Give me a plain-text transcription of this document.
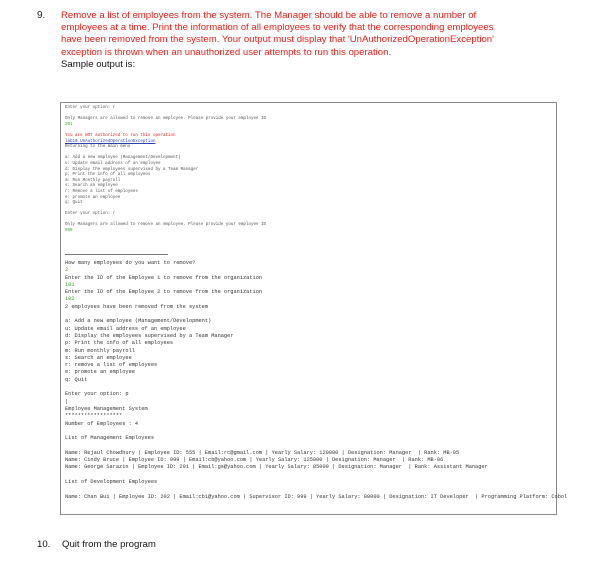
9. Remove a list of employees from the system. The Manager should be able to remove a number of
employees at a time. Print the information of all employees to verify that the corresponding employees
have been removed from the system. Your output must display that 'UnAuthorizedOperationException'
exception is thrown when an unauthorized user attempts to run this operation.
Sample output is:
Enter your option: r
Only Managers are allowed to remove an employee. Please provide your employee ID
201
You are NOT authorized to run this operation
lab10.UnAuthorizedOperationException
Returning to the main menu
a: Add a new employee (Management/Development)
u: Update email address of an employee
d: Display the employees supervised by a Team Manager
p: Print the info of all employees
m: Run Monthly payroll
s: Search an employee
r: Remove a list of employees
e: promote an employee
q: Quit
Enter your option: r
Only Managers are allowed to remove an employee. Please provide your employee ID
999
How many employees do you want to remove?
2
Enter the ID of the Employee 1 to remove from the organization
101
Enter the ID of the Employee 2 to remove from the organization
102
2 employees have been removed from the system
a: Add a new employee (Management/Development)
u: Update email address of an employee
d: Display the employees supervised by a Team Manager
p: Print the info of all employees
m: Run monthly payroll
s: Search an employee
r: remove a list of employees
e: promote an employee
q: Quit
Enter your option: p
|
Employee Management System
******************
Number of Employees : 4
List of Management Employees
Name: Rejaul Chowdhury | Employee ID: 555 | Email:rc@gmail.com | Yearly Salary: 120000 | Designation: Manager  | Rank: MB-05
Name: Cindy Bruce | Employee ID: 999 | Email:cb@yahoo.com | Yearly Salary: 125000 | Designation: Manager  | Rank: MB-06
Name: George Sarazin | Employee ID: 201 | Email:gs@yahoo.com | Yearly Salary: 85000 | Designation: Manager  | Rank: Assistant Manager
List of Development Employees
Name: Chan Bui | Employee ID: 202 | Email:cb1@yahoo.com | Supervisor ID: 999 | Yearly Salary: 80000 | Designation: IT Developer  | Programming Platform: Cobol
10. Quit from the program
